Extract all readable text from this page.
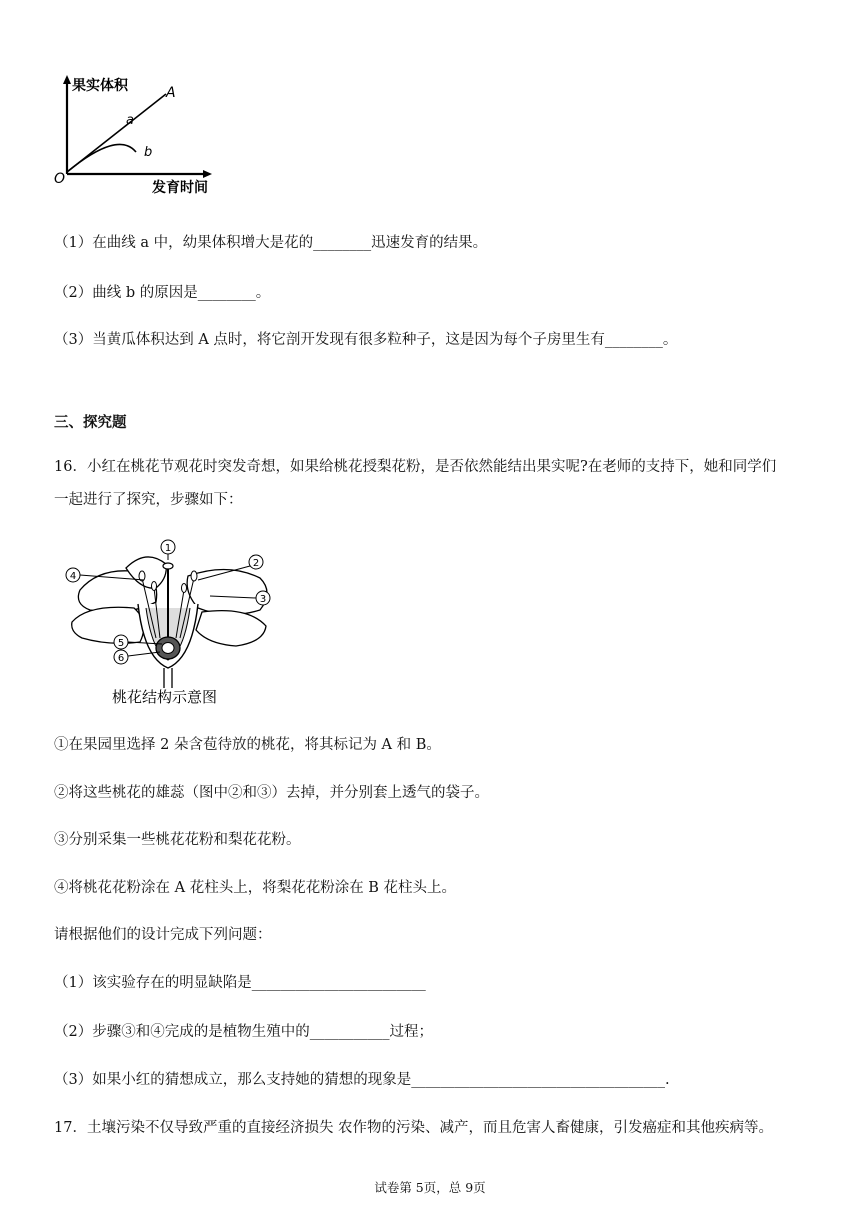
果实体积
发育时间
O
A
a
b
（1）在曲线 a 中，幼果体积增大是花的________迅速发育的结果。
（2）曲线 b 的原因是________。
（3）当黄瓜体积达到 A 点时，将它剖开发现有很多粒种子，这是因为每个子房里生有________。
三、探究题
16．小红在桃花节观花时突发奇想，如果给桃花授梨花粉，是否依然能结出果实呢?在老师的支持下，她和同学们
一起进行了探究，步骤如下：
1
2
3
4
5
6
桃花结构示意图
①在果园里选择 2 朵含苞待放的桃花，将其标记为 A 和 B。
②将这些桃花的雄蕊（图中②和③）去掉，并分别套上透气的袋子。
③分别采集一些桃花花粉和梨花花粉。
④将桃花花粉涂在 A 花柱头上，将梨花花粉涂在 B 花柱头上。
请根据他们的设计完成下列问题：
（1）该实验存在的明显缺陷是________________________
（2）步骤③和④完成的是植物生殖中的___________过程；
（3）如果小红的猜想成立，那么支持她的猜想的现象是___________________________________.
17．土壤污染不仅导致严重的直接经济损失 农作物的污染、减产，而且危害人畜健康，引发癌症和其他疾病等。
试卷第 5页，总 9页
